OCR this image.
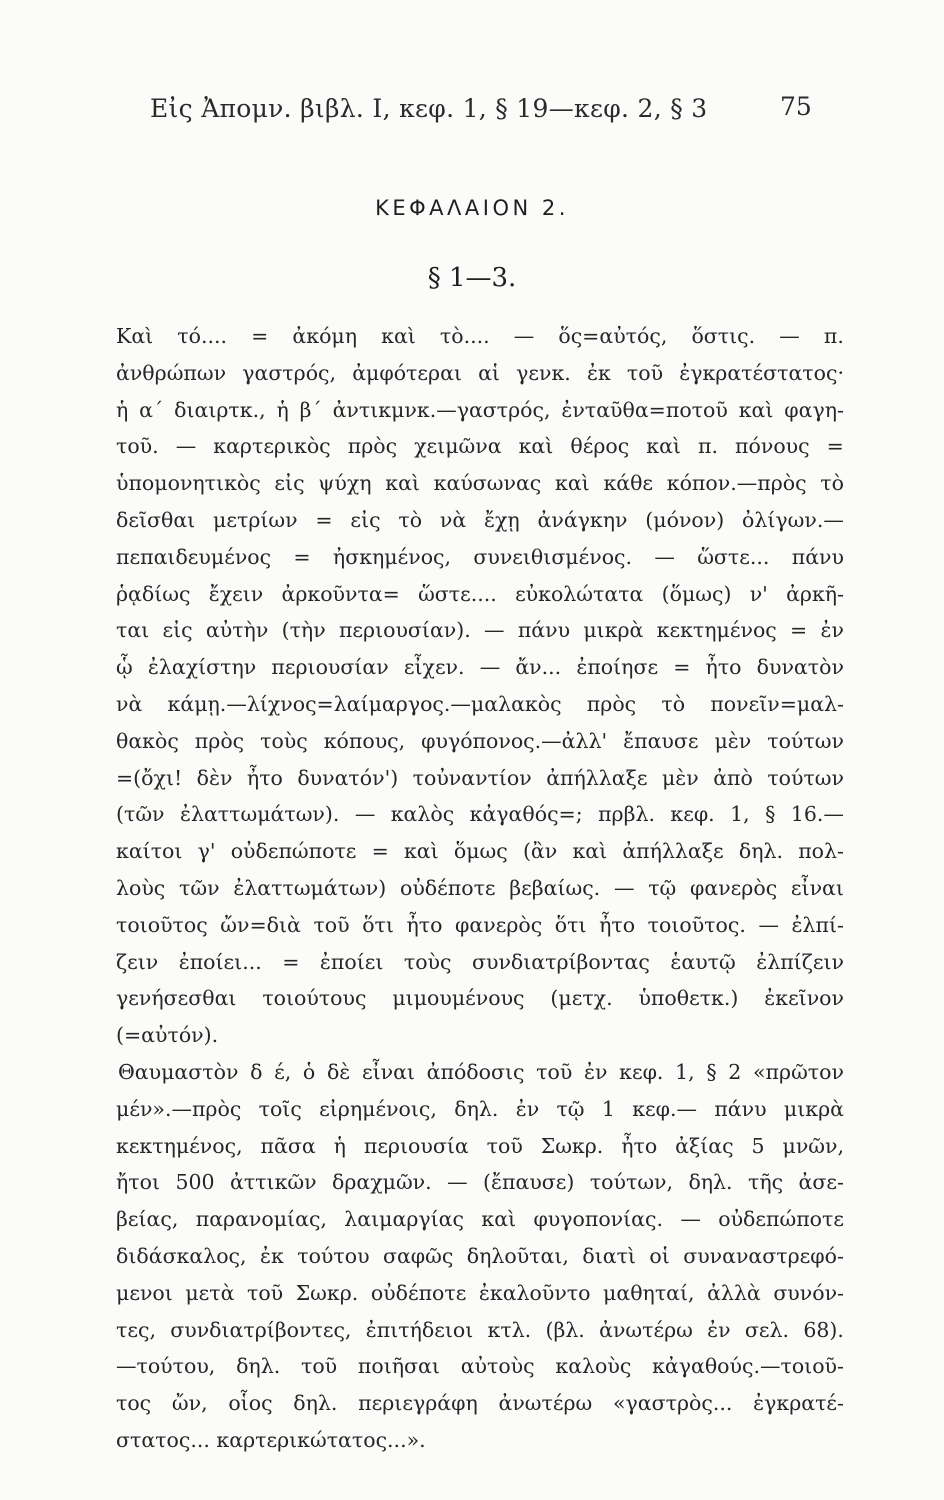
Εἰς Ἀπομν. βιβλ. Ι, κεφ. 1, § 19—κεφ. 2, § 3	75
ΚΕΦΑΛΑΙΟΝ 2.
§ 1—3.
Καὶ τό.... = ἀκόμη καὶ τὸ.... — ὅς=αὐτός, ὅστις. — π.
ἀνθρώπων γαστρός, ἀμφότεραι αἱ γενκ. ἐκ τοῦ ἐγκρατέστατος·
ἡ α΄ διαιρτκ., ἡ β΄ ἀντικμνκ.—γαστρός, ἐνταῦθα=ποτοῦ καὶ φαγη-
τοῦ. — καρτερικὸς πρὸς χειμῶνα καὶ θέρος καὶ π. πόνους =
ὑπομονητικὸς εἰς ψύχη καὶ καύσωνας καὶ κάθε κόπον.—πρὸς τὸ
δεῖσθαι μετρίων = εἰς τὸ νὰ ἔχῃ ἀνάγκην (μόνον) ὀλίγων.—
πεπαιδευμένος = ἠσκημένος, συνειθισμένος. — ὥστε... πάνυ
ῥᾳδίως ἔχειν ἀρκοῦντα= ὥστε.... εὐκολώτατα (ὅμως) ν' ἀρκῆ-
ται εἰς αὐτὴν (τὴν περιουσίαν). — πάνυ μικρὰ κεκτημένος = ἐν
ᾧ ἐλαχίστην περιουσίαν εἶχεν. — ἄν... ἐποίησε = ἦτο δυνατὸν
νὰ κάμῃ.—λίχνος=λαίμαργος.—μαλακὸς πρὸς τὸ πονεῖν=μαλ-
θακὸς πρὸς τοὺς κόπους, φυγόπονος.—ἀλλ' ἔπαυσε μὲν τούτων
=(ὄχι! δὲν ἦτο δυνατόν') τοὐναντίον ἀπήλλαξε μὲν ἀπὸ τούτων
(τῶν ἐλαττωμάτων). — καλὸς κἀγαθός=; πρβλ. κεφ. 1, § 16.—
καίτοι γ' οὐδεπώποτε = καὶ ὅμως (ἂν καὶ ἀπήλλαξε δηλ. πολ-
λοὺς τῶν ἐλαττωμάτων) οὐδέποτε βεβαίως. — τῷ φανερὸς εἶναι
τοιοῦτος ὤν=διὰ τοῦ ὅτι ἦτο φανερὸς ὅτι ἦτο τοιοῦτος. — ἐλπί-
ζειν ἐποίει... = ἐποίει τοὺς συνδιατρίβοντας ἑαυτῷ ἐλπίζειν
γενήσεσθαι τοιούτους μιμουμένους (μετχ. ὑποθετκ.) ἐκεῖνον
(=αὐτόν).
Θαυμαστὸν δ έ, ὁ δὲ εἶναι ἀπόδοσις τοῦ ἐν κεφ. 1, § 2 «πρῶτον
μέν».—πρὸς τοῖς εἰρημένοις, δηλ. ἐν τῷ 1 κεφ.— πάνυ μικρὰ
κεκτημένος, πᾶσα ἡ περιουσία τοῦ Σωκρ. ἦτο ἀξίας 5 μνῶν,
ἤτοι 500 ἀττικῶν δραχμῶν. — (ἔπαυσε) τούτων, δηλ. τῆς ἀσε-
βείας, παρανομίας, λαιμαργίας καὶ φυγοπονίας. — οὐδεπώποτε
διδάσκαλος, ἐκ τούτου σαφῶς δηλοῦται, διατὶ οἱ συναναστρεφό-
μενοι μετὰ τοῦ Σωκρ. οὐδέποτε ἐκαλοῦντο μαθηταί, ἀλλὰ συνόν-
τες, συνδιατρίβοντες, ἐπιτήδειοι κτλ. (βλ. ἀνωτέρω ἐν σελ. 68).
—τούτου, δηλ. τοῦ ποιῆσαι αὐτοὺς καλοὺς κἀγαθούς.—τοιοῦ-
τος ὤν, οἷος δηλ. περιεγράφη ἀνωτέρω «γαστρὸς... ἐγκρατέ-
στατος... καρτερικώτατος...».
